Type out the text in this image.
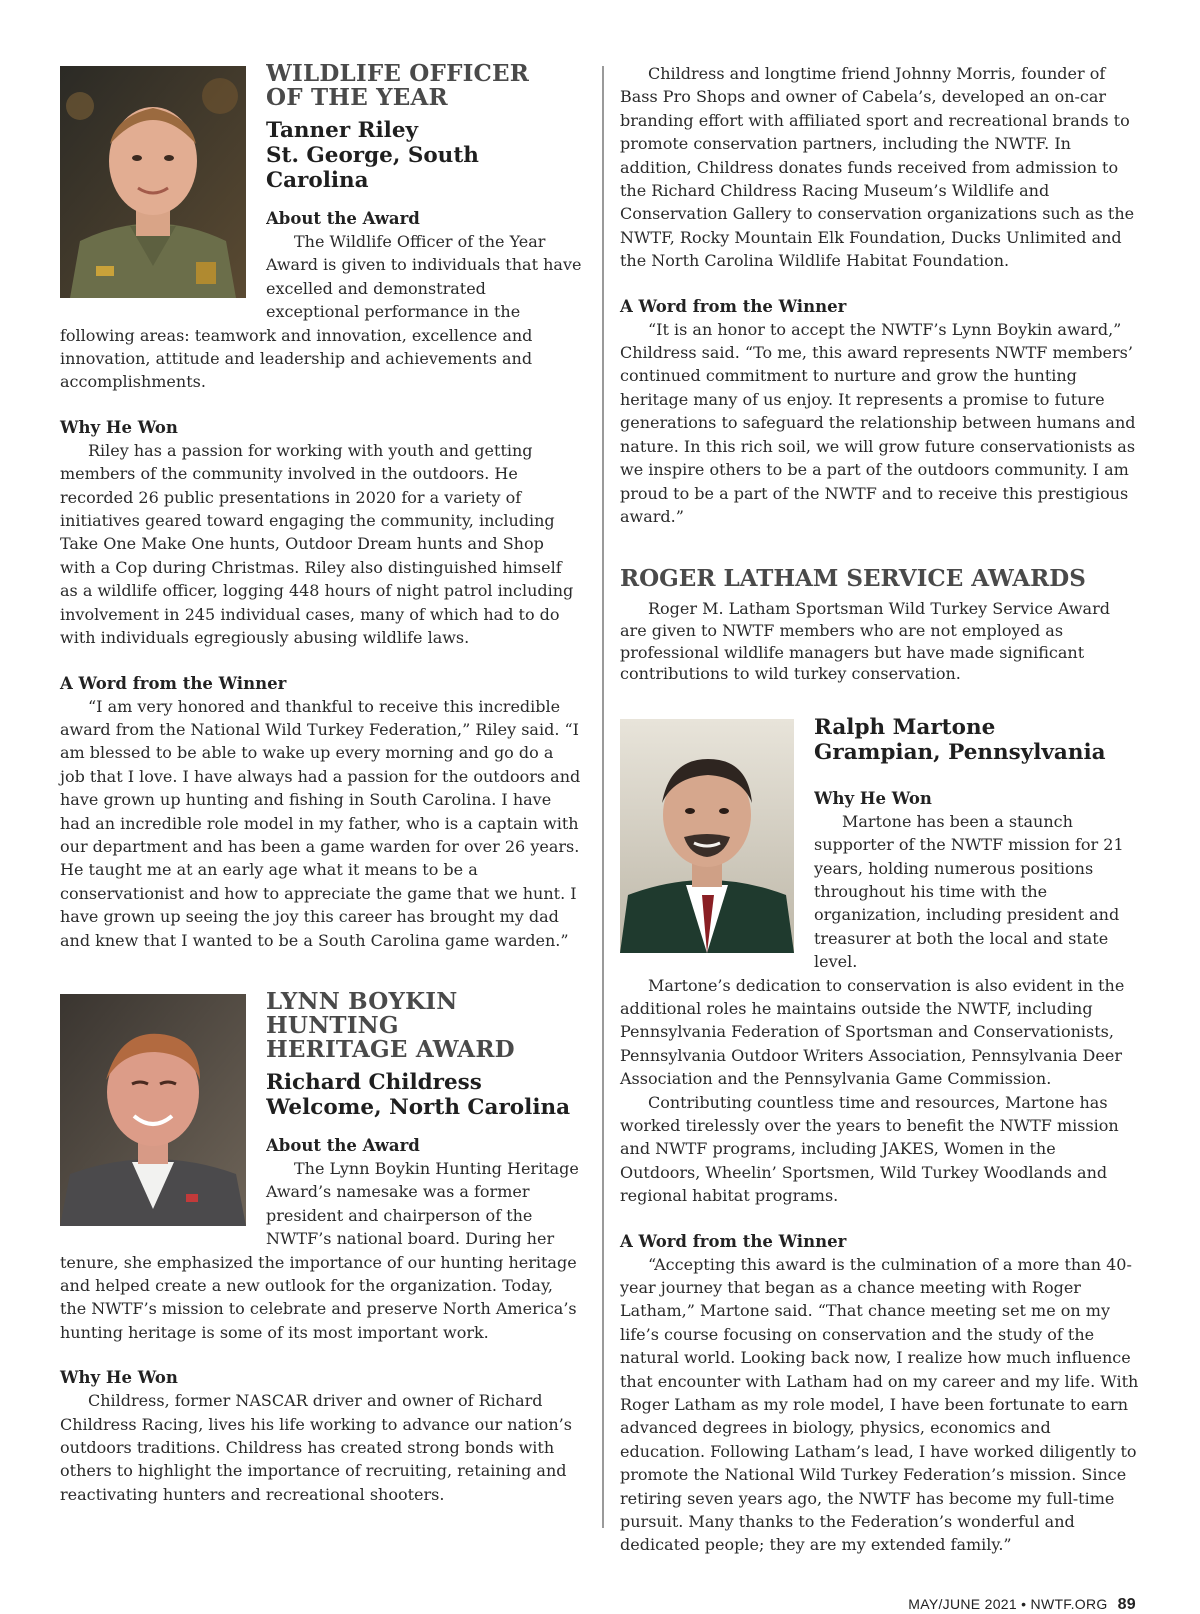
WILDLIFE OFFICER
OF THE YEAR
Tanner Riley
St. George, South Carolina
About the Award

The Wildlife Officer of the Year Award is given to individuals that have excelled and demonstrated exceptional performance in the following areas: teamwork and innovation, excellence and innovation, attitude and leadership and achievements and accomplishments.

Why He Won

Riley has a passion for working with youth and getting members of the community involved in the outdoors. He recorded 26 public presentations in 2020 for a variety of initiatives geared toward engaging the community, including Take One Make One hunts, Outdoor Dream hunts and Shop with a Cop during Christmas. Riley also distinguished himself as a wildlife officer, logging 448 hours of night patrol including involvement in 245 individual cases, many of which had to do with individuals egregiously abusing wildlife laws.

A Word from the Winner

“I am very honored and thankful to receive this incredible award from the National Wild Turkey Federation,” Riley said. “I am blessed to be able to wake up every morning and go do a job that I love. I have always had a passion for the outdoors and have grown up hunting and fishing in South Carolina. I have had an incredible role model in my father, who is a captain with our department and has been a game warden for over 26 years. He taught me at an early age what it means to be a conservationist and how to appreciate the game that we hunt. I have grown up seeing the joy this career has brought my dad and knew that I wanted to be a South Carolina game warden.”

LYNN BOYKIN HUNTING
HERITAGE AWARD
Richard Childress
Welcome, North Carolina
About the Award

The Lynn Boykin Hunting Heritage Award’s namesake was a former president and chairperson of the NWTF’s national board. During her tenure, she emphasized the importance of our hunting heritage and helped create a new outlook for the organization. Today, the NWTF’s mission to celebrate and preserve North America’s hunting heritage is some of its most important work.

Why He Won

Childress, former NASCAR driver and owner of Richard Childress Racing, lives his life working to advance our nation’s outdoors traditions. Childress has created strong bonds with others to highlight the importance of recruiting, retaining and reactivating hunters and recreational shooters.

Childress and longtime friend Johnny Morris, founder of Bass Pro Shops and owner of Cabela’s, developed an on-car branding effort with affiliated sport and recreational brands to promote conservation partners, including the NWTF. In addition, Childress donates funds received from admission to the Richard Childress Racing Museum’s Wildlife and Conservation Gallery to conservation organizations such as the NWTF, Rocky Mountain Elk Foundation, Ducks Unlimited and the North Carolina Wildlife Habitat Foundation.

A Word from the Winner

“It is an honor to accept the NWTF’s Lynn Boykin award,” Childress said. “To me, this award represents NWTF members’ continued commitment to nurture and grow the hunting heritage many of us enjoy. It represents a promise to future generations to safeguard the relationship between humans and nature. In this rich soil, we will grow future conservationists as we inspire others to be a part of the outdoors community. I am proud to be a part of the NWTF and to receive this prestigious award.”

ROGER LATHAM SERVICE AWARDS

Roger M. Latham Sportsman Wild Turkey Service Award are given to NWTF members who are not employed as professional wildlife managers but have made significant contributions to wild turkey conservation.

Ralph Martone
Grampian, Pennsylvania
Why He Won

Martone has been a staunch supporter of the NWTF mission for 21 years, holding numerous positions throughout his time with the organization, including president and treasurer at both the local and state level.

Martone’s dedication to conservation is also evident in the additional roles he maintains outside the NWTF, including Pennsylvania Federation of Sportsman and Conservationists, Pennsylvania Outdoor Writers Association, Pennsylvania Deer Association and the Pennsylvania Game Commission.

Contributing countless time and resources, Martone has worked tirelessly over the years to benefit the NWTF mission and NWTF programs, including JAKES, Women in the Outdoors, Wheelin’ Sportsmen, Wild Turkey Woodlands and regional habitat programs.

A Word from the Winner

“Accepting this award is the culmination of a more than 40-year journey that began as a chance meeting with Roger Latham,” Martone said. “That chance meeting set me on my life’s course focusing on conservation and the study of the natural world. Looking back now, I realize how much influence that encounter with Latham had on my career and my life. With Roger Latham as my role model, I have been fortunate to earn advanced degrees in biology, physics, economics and education. Following Latham’s lead, I have worked diligently to promote the National Wild Turkey Federation’s mission. Since retiring seven years ago, the NWTF has become my full-time pursuit. Many thanks to the Federation’s wonderful and dedicated people; they are my extended family.”

MAY/JUNE 2021 • NWTF.ORG 89
